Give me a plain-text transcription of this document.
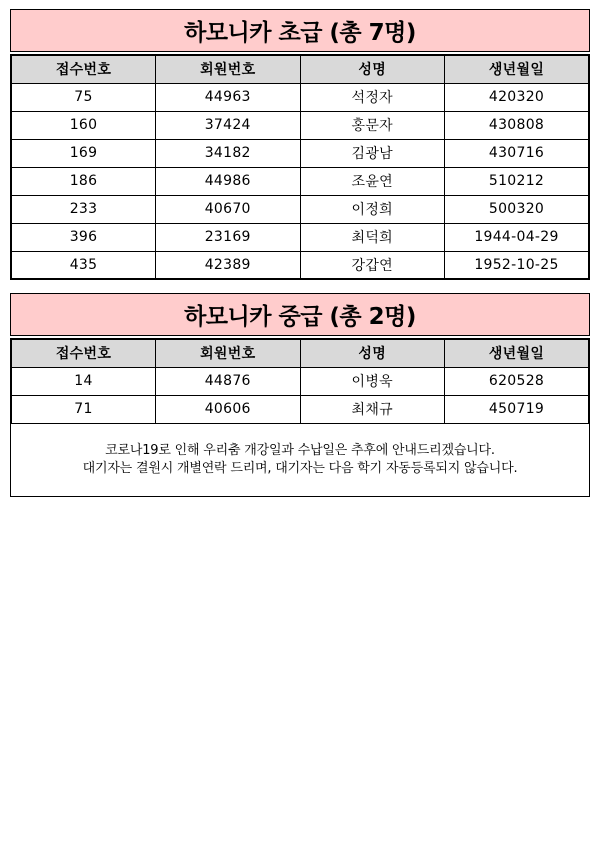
하모니카 초급 (총 7명)
접수번호	회원번호	성명	생년월일
75	44963	석정자	420320
160	37424	홍문자	430808
169	34182	김광남	430716
186	44986	조윤연	510212
233	40670	이정희	500320
396	23169	최덕희	1944-04-29
435	42389	강갑연	1952-10-25
하모니카 중급 (총 2명)
접수번호	회원번호	성명	생년월일
14	44876	이병욱	620528
71	40606	최채규	450719
코로나19로 인해 우리춤 개강일과 수납일은 추후에 안내드리겠습니다.
대기자는 결원시 개별연락 드리며, 대기자는 다음 학기 자동등록되지 않습니다.
